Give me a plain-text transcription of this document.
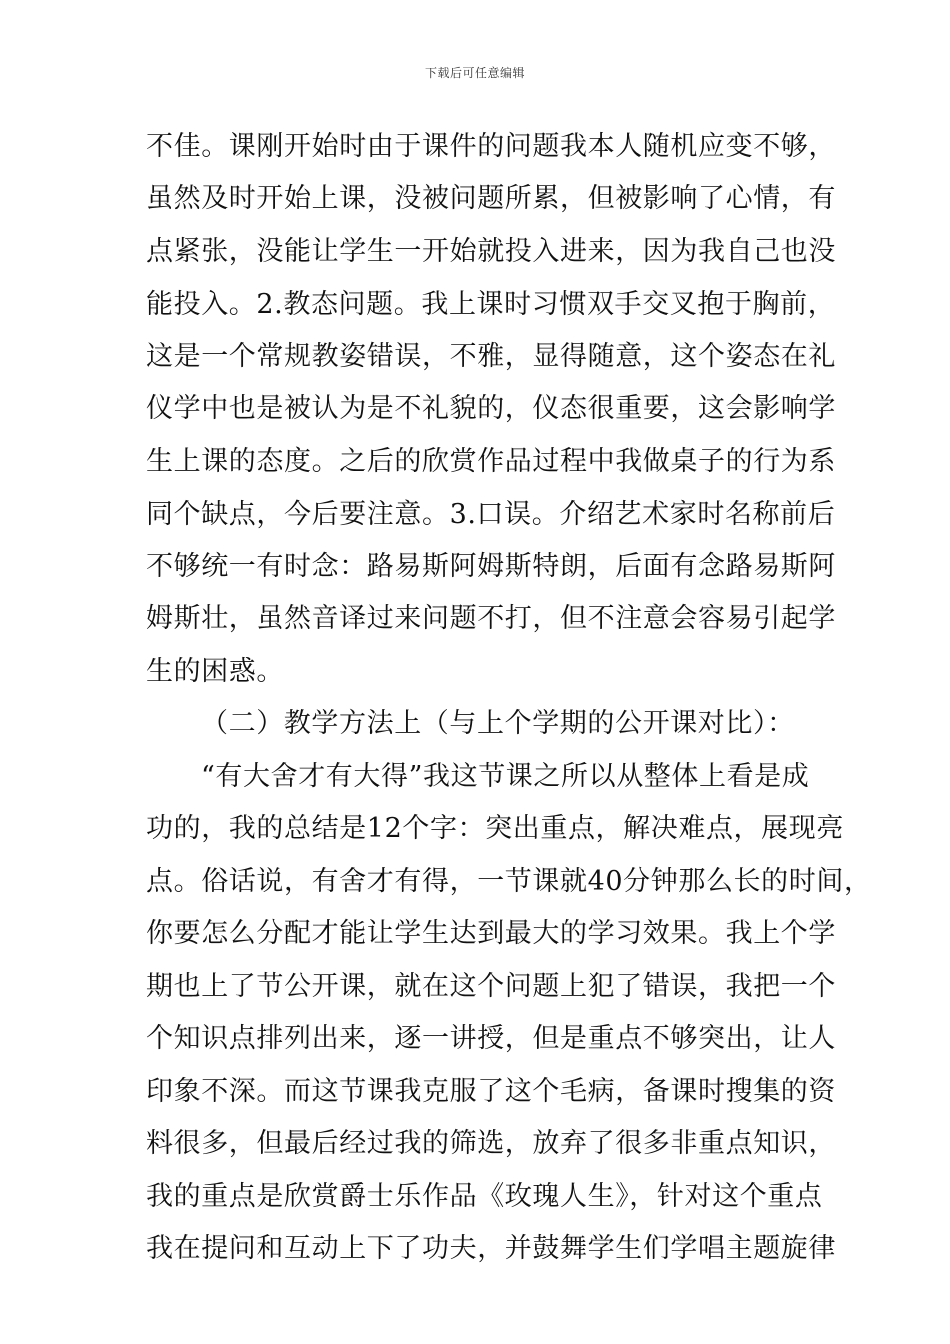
下载后可任意编辑
不佳。课刚开始时由于课件的问题我本人随机应变不够，
虽然及时开始上课，没被问题所累，但被影响了心情，有
点紧张，没能让学生一开始就投入进来，因为我自己也没
能投入。2.教态问题。我上课时习惯双手交叉抱于胸前，
这是一个常规教姿错误，不雅，显得随意，这个姿态在礼
仪学中也是被认为是不礼貌的，仪态很重要，这会影响学
生上课的态度。之后的欣赏作品过程中我做桌子的行为系
同个缺点，今后要注意。3.口误。介绍艺术家时名称前后
不够统一有时念：路易斯阿姆斯特朗，后面有念路易斯阿
姆斯壮，虽然音译过来问题不打，但不注意会容易引起学
生的困惑。
（二）教学方法上（与上个学期的公开课对比）：
“有大舍才有大得”我这节课之所以从整体上看是成
功的，我的总结是12个字：突出重点，解决难点，展现亮
点。俗话说，有舍才有得，一节课就40分钟那么长的时间，
你要怎么分配才能让学生达到最大的学习效果。我上个学
期也上了节公开课，就在这个问题上犯了错误，我把一个
个知识点排列出来，逐一讲授，但是重点不够突出，让人
印象不深。而这节课我克服了这个毛病，备课时搜集的资
料很多，但最后经过我的筛选，放弃了很多非重点知识，
我的重点是欣赏爵士乐作品《玫瑰人生》，针对这个重点
我在提问和互动上下了功夫，并鼓舞学生们学唱主题旋律
